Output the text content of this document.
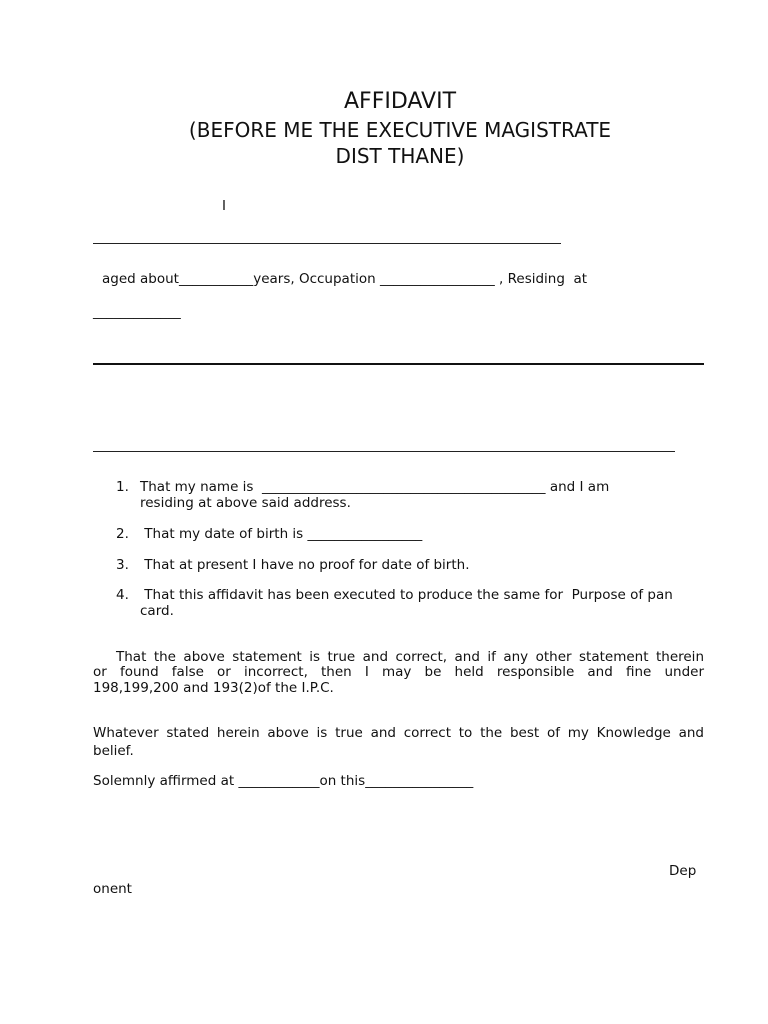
AFFIDAVIT
(BEFORE ME THE EXECUTIVE MAGISTRATE
DIST THANE)
I
aged about___________years, Occupation _________________ , Residing  at
_____________
1. That my name is __________________________________________ and I am
residing at above said address.
2. That my date of birth is _________________
3. That at present I have no proof for date of birth.
4. That this affidavit has been executed to produce the same for  Purpose of pan
card.
That the above statement is true and correct, and if any other statement therein
or found false or incorrect, then I may be held responsible and fine under
198,199,200 and 193(2)of the I.P.C.
Whatever stated herein above is true and correct to the best of my Knowledge and
belief.
Solemnly affirmed at ____________on this________________
Dep
onent
